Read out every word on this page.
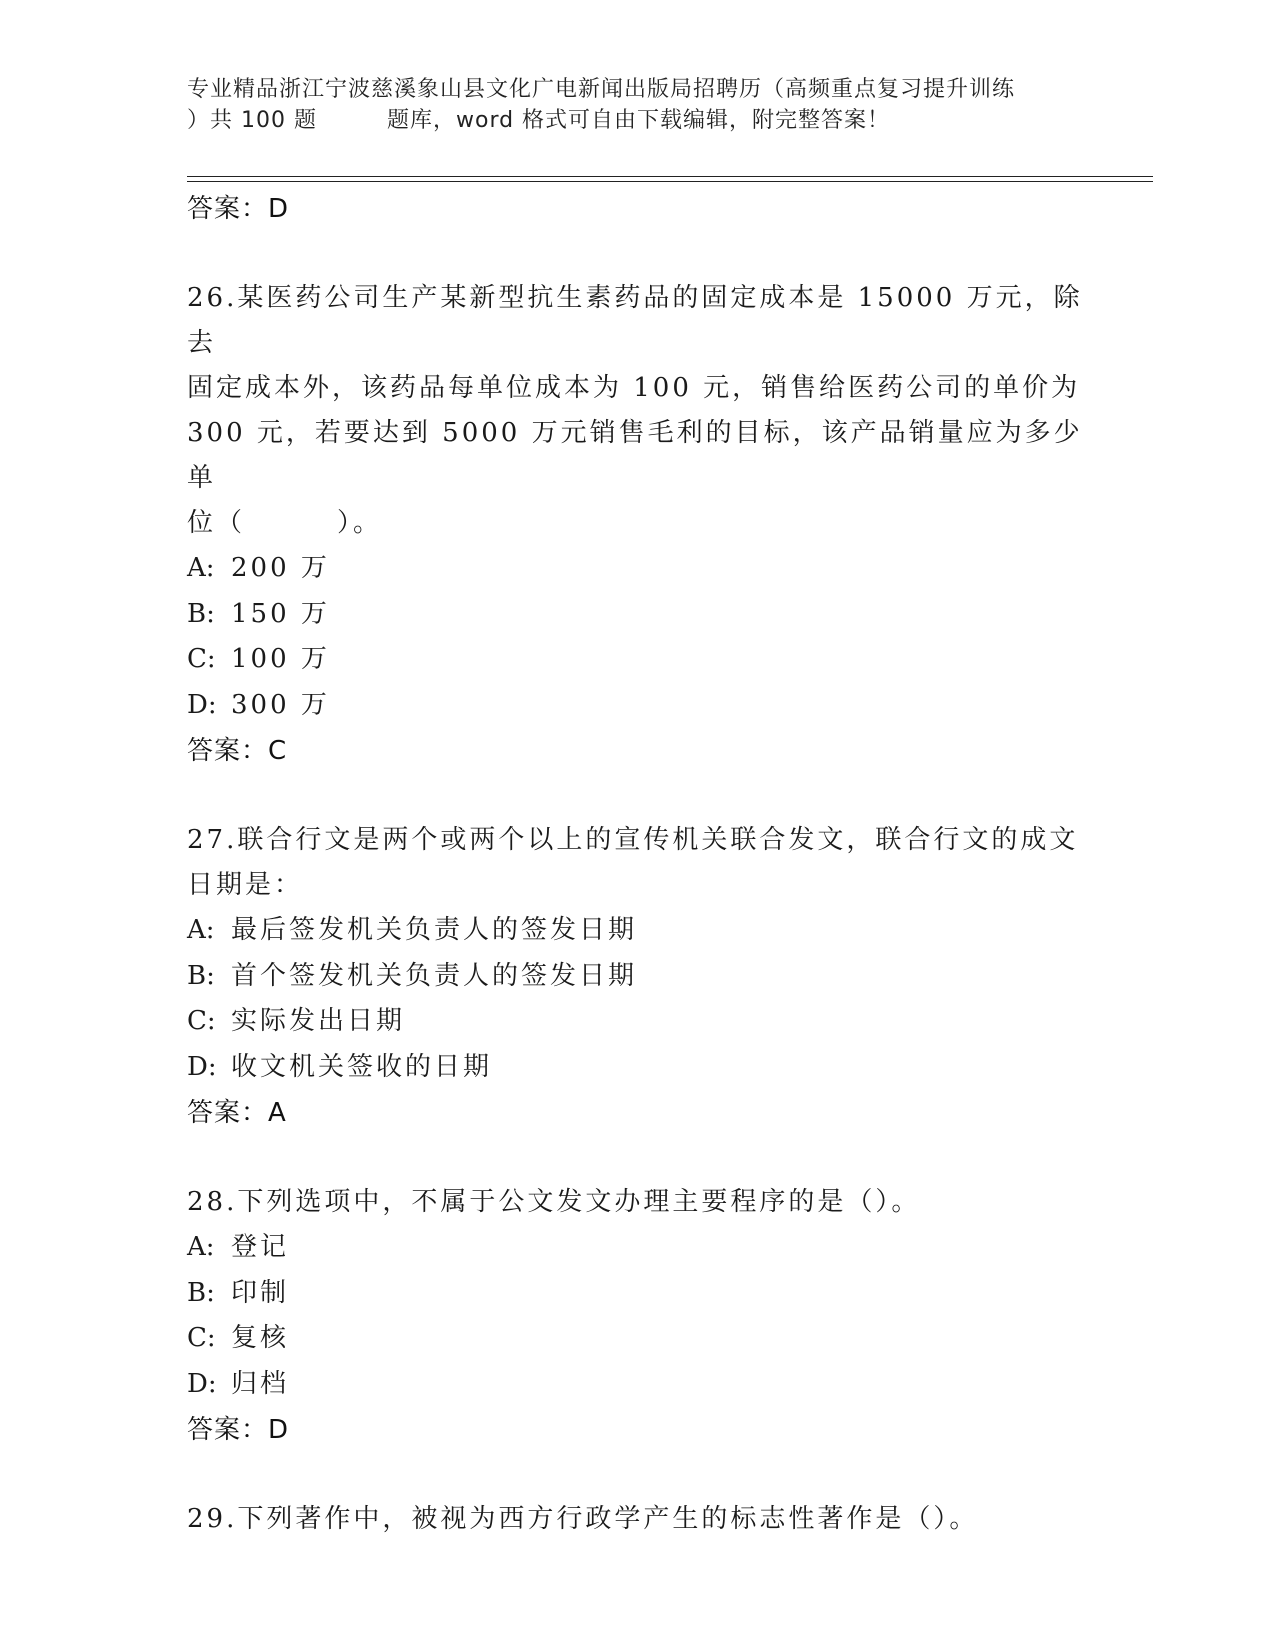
专业精品浙江宁波慈溪象山县文化广电新闻出版局招聘历（高频重点复习提升训练
）共 100 题	题库，word 格式可自由下载编辑，附完整答案！

答案：D

26.某医药公司生产某新型抗生素药品的固定成本是 15000 万元，除去

固定成本外，该药品每单位成本为 100 元，销售给医药公司的单价为

300 元，若要达到 5000 万元销售毛利的目标，该产品销量应为多少单

位（	）。

A: 200 万

B: 150 万

C: 100 万

D: 300 万

答案：C

27.联合行文是两个或两个以上的宣传机关联合发文，联合行文的成文

日期是：

A: 最后签发机关负责人的签发日期

B: 首个签发机关负责人的签发日期

C: 实际发出日期

D: 收文机关签收的日期

答案：A

28.下列选项中，不属于公文发文办理主要程序的是（）。

A: 登记

B: 印制

C: 复核

D: 归档

答案：D

29.下列著作中，被视为西方行政学产生的标志性著作是（）。
